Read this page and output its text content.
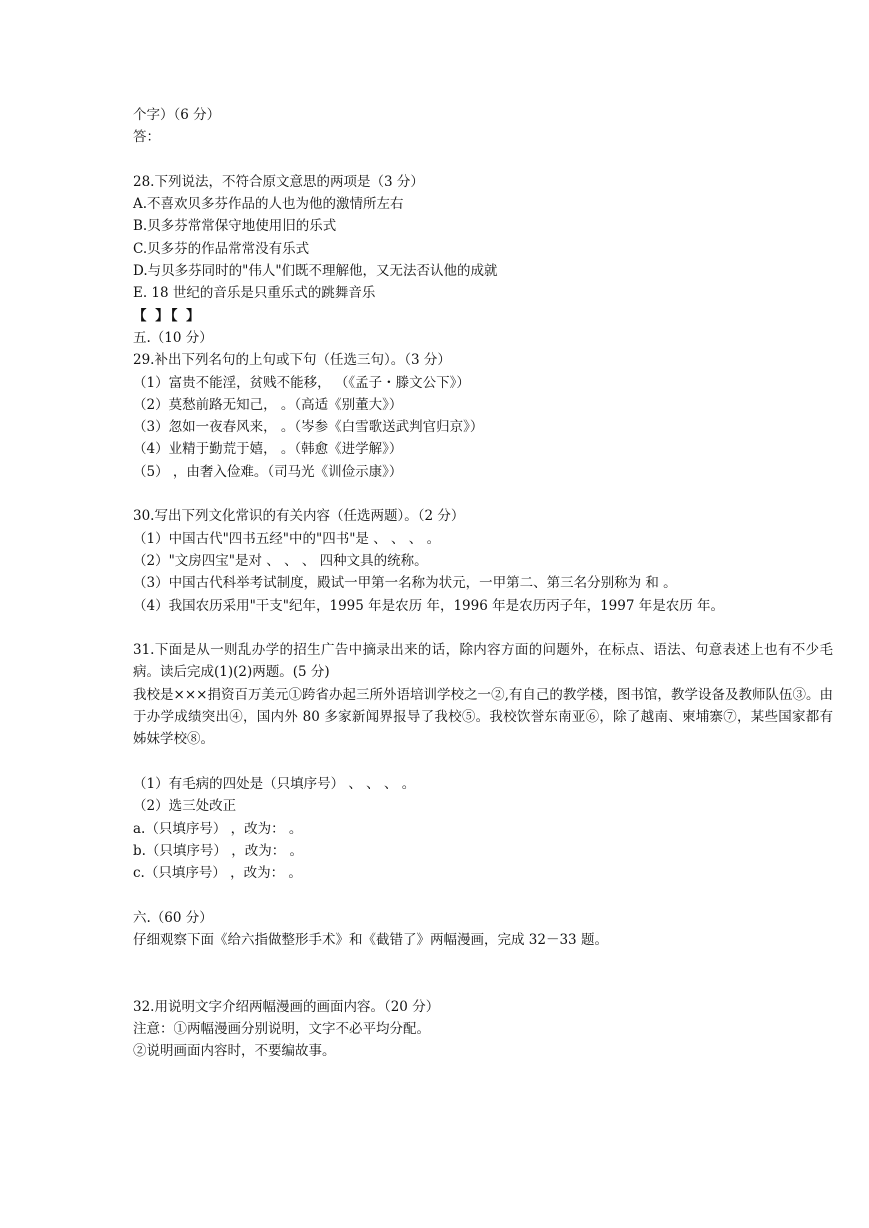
个字）（6 分）
答：
28.下列说法，不符合原文意思的两项是（3 分）
A.不喜欢贝多芬作品的人也为他的激情所左右
B.贝多芬常常保守地使用旧的乐式
C.贝多芬的作品常常没有乐式
D.与贝多芬同时的"伟人"们既不理解他，又无法否认他的成就
E. 18 世纪的音乐是只重乐式的跳舞音乐
【 】【 】
五.（10 分）
29.补出下列名句的上句或下句（任选三句）。（3 分）
（1）富贵不能淫，贫贱不能移， （《孟子・滕文公下》）
（2）莫愁前路无知己， 。（高适《别董大》）
（3）忽如一夜春风来， 。（岑参《白雪歌送武判官归京》）
（4）业精于勤荒于嬉， 。（韩愈《进学解》）
（5） ，由奢入俭难。（司马光《训俭示康》）
30.写出下列文化常识的有关内容（任选两题）。（2 分）
（1）中国古代"四书五经"中的"四书"是 、 、 、 。
（2）"文房四宝"是对 、 、 、 四种文具的统称。
（3）中国古代科举考试制度，殿试一甲第一名称为状元，一甲第二、第三名分别称为 和 。
（4）我国农历采用"干支"纪年，1995 年是农历 年，1996 年是农历丙子年，1997 年是农历 年。
31.下面是从一则乱办学的招生广告中摘录出来的话，除内容方面的问题外，在标点、语法、句意表述上也有不少毛病。读后完成(1)(2)两题。(5 分)
我校是×××捐资百万美元①跨省办起三所外语培训学校之一②,有自己的教学楼，图书馆，教学设备及教师队伍③。由于办学成绩突出④，国内外 80 多家新闻界报导了我校⑤。我校饮誉东南亚⑥，除了越南、柬埔寨⑦，某些国家都有姊妹学校⑧。
（1）有毛病的四处是（只填序号） 、 、 、 。
（2）选三处改正
a.（只填序号） ，改为： 。
b.（只填序号） ，改为： 。
c.（只填序号） ，改为： 。
六.（60 分）
仔细观察下面《给六指做整形手术》和《截错了》两幅漫画，完成 32－33 题。
32.用说明文字介绍两幅漫画的画面内容。（20 分）
注意：①两幅漫画分别说明，文字不必平均分配。
②说明画面内容时，不要编故事。
